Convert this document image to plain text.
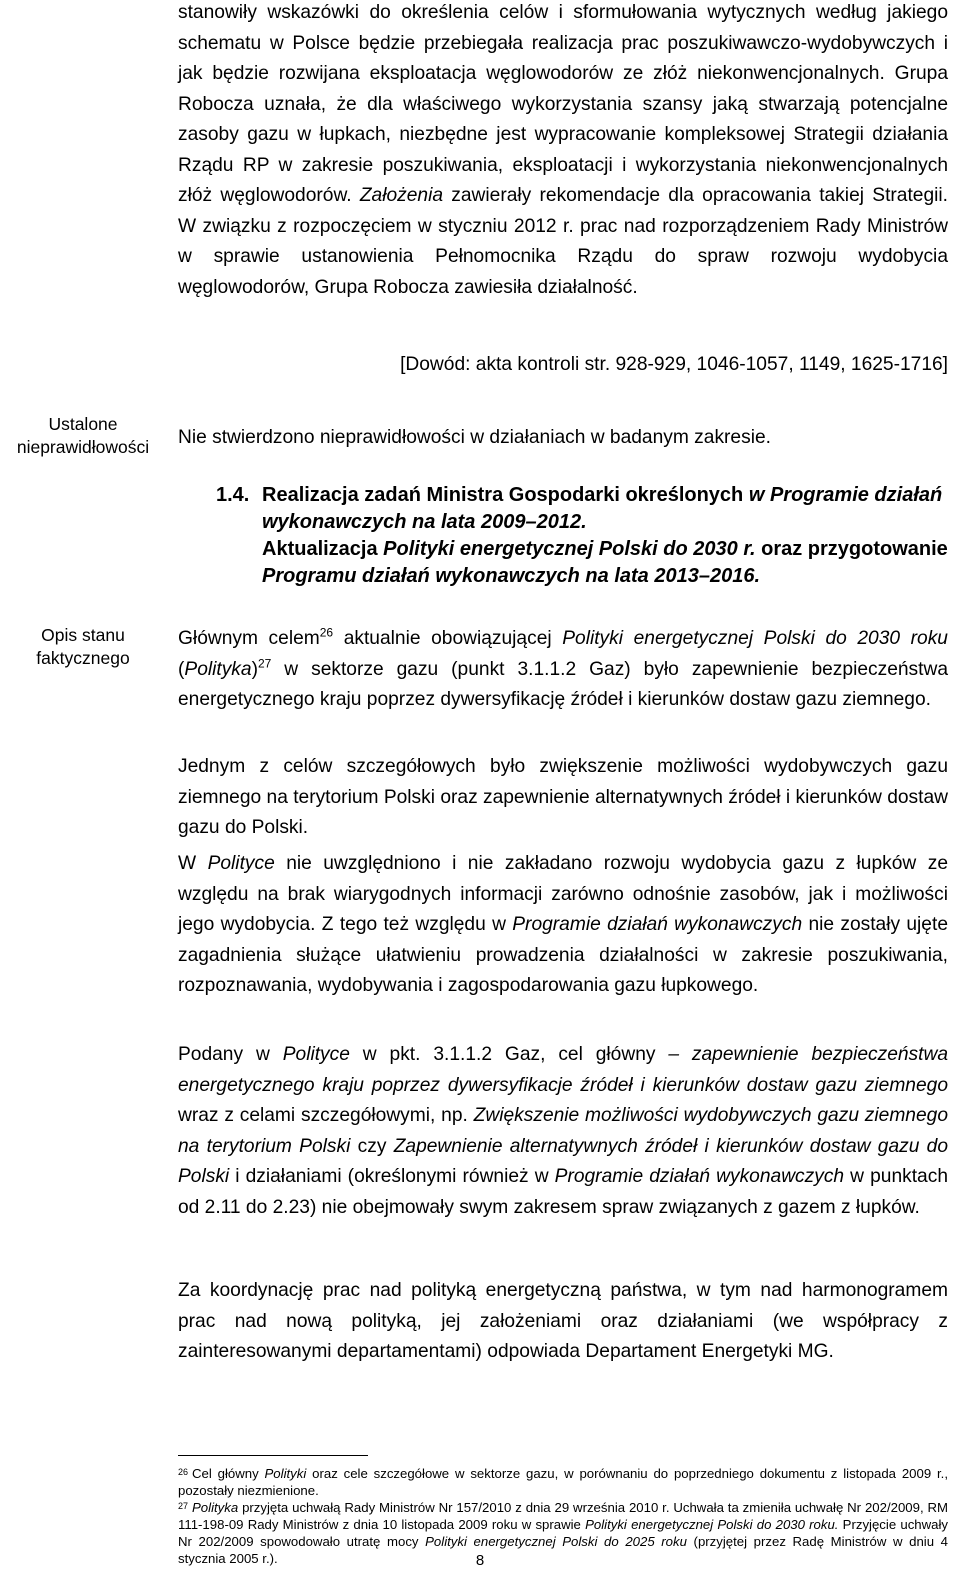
stanowiły wskazówki do określenia celów i sformułowania wytycznych według jakiego schematu w Polsce będzie przebiegała realizacja prac poszukiwawczo-wydobywczych i jak będzie rozwijana eksploatacja węglowodorów ze złóż niekonwencjonalnych. Grupa Robocza uznała, że dla właściwego wykorzystania szansy jaką stwarzają potencjalne zasoby gazu w łupkach, niezbędne jest wypracowanie kompleksowej Strategii działania Rządu RP w zakresie poszukiwania, eksploatacji i wykorzystania niekonwencjonalnych złóż węglowodorów. Założenia zawierały rekomendacje dla opracowania takiej Strategii. W związku z rozpoczęciem w styczniu 2012 r. prac nad rozporządzeniem Rady Ministrów w sprawie ustanowienia Pełnomocnika Rządu do spraw rozwoju wydobycia węglowodorów, Grupa Robocza zawiesiła działalność.
[Dowód: akta kontroli str. 928-929, 1046-1057, 1149, 1625-1716]
Ustalone nieprawidłowości	Nie stwierdzono nieprawidłowości w działaniach w badanym zakresie.
1.4. Realizacja zadań Ministra Gospodarki określonych w Programie działań wykonawczych na lata 2009–2012.
Aktualizacja Polityki energetycznej Polski do 2030 r. oraz przygotowanie Programu działań wykonawczych na lata 2013–2016.
Opis stanu faktycznego
Głównym celem$^{26}$ aktualnie obowiązującej Polityki energetycznej Polski do 2030 roku (Polityka)$^{27}$ w sektorze gazu (punkt 3.1.1.2 Gaz) było zapewnienie bezpieczeństwa energetycznego kraju poprzez dywersyfikację źródeł i kierunków dostaw gazu ziemnego.
Jednym z celów szczegółowych było zwiększenie możliwości wydobywczych gazu ziemnego na terytorium Polski oraz zapewnienie alternatywnych źródeł i kierunków dostaw gazu do Polski.
W Polityce nie uwzględniono i nie zakładano rozwoju wydobycia gazu z łupków ze względu na brak wiarygodnych informacji zarówno odnośnie zasobów, jak i możliwości jego wydobycia. Z tego też względu w Programie działań wykonawczych nie zostały ujęte zagadnienia służące ułatwieniu prowadzenia działalności w zakresie poszukiwania, rozpoznawania, wydobywania i zagospodarowania gazu łupkowego.
Podany w Polityce w pkt. 3.1.1.2 Gaz, cel główny – zapewnienie bezpieczeństwa energetycznego kraju poprzez dywersyfikacje źródeł i kierunków dostaw gazu ziemnego wraz z celami szczegółowymi, np. Zwiększenie możliwości wydobywczych gazu ziemnego na terytorium Polski czy Zapewnienie alternatywnych źródeł i kierunków dostaw gazu do Polski i działaniami (określonymi również w Programie działań wykonawczych w punktach od 2.11 do 2.23) nie obejmowały swym zakresem spraw związanych z gazem z łupków.
Za koordynację prac nad polityką energetyczną państwa, w tym nad harmonogramem prac nad nową polityką, jej założeniami oraz działaniami (we współpracy z zainteresowanymi departamentami) odpowiada Departament Energetyki MG.
$^{26}$ Cel główny Polityki oraz cele szczegółowe w sektorze gazu, w porównaniu do poprzedniego dokumentu z listopada 2009 r., pozostały niezmienione.
$^{27}$ Polityka przyjęta uchwałą Rady Ministrów Nr 157/2010 z dnia 29 września 2010 r. Uchwała ta zmieniła uchwałę Nr 202/2009, RM 111-198-09 Rady Ministrów z dnia 10 listopada 2009 roku w sprawie Polityki energetycznej Polski do 2030 roku. Przyjęcie uchwały Nr 202/2009 spowodowało utratę mocy Polityki energetycznej Polski do 2025 roku (przyjętej przez Radę Ministrów w dniu 4 stycznia 2005 r.).	8
